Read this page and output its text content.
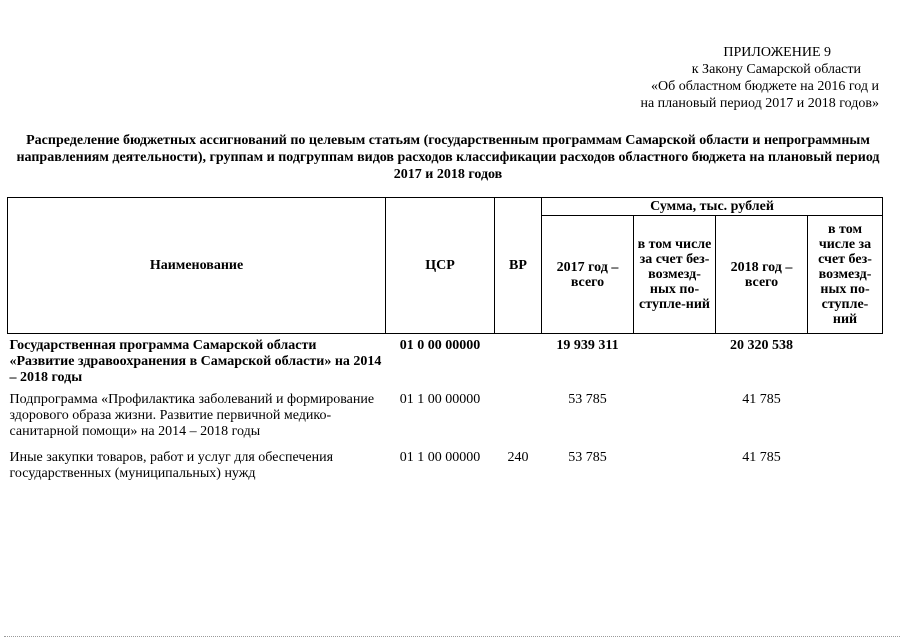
ПРИЛОЖЕНИЕ 9
к Закону Самарской области
«Об областном бюджете на 2016 год и
на плановый период 2017 и 2018 годов»
Распределение бюджетных ассигнований по целевым статьям (государственным программам Самарской области и непрограммным направлениям деятельности), группам и подгруппам видов расходов классификации расходов областного бюджета на плановый период 2017 и 2018 годов
Наименование	ЦСР	ВР	Сумма, тыс. рублей			
			2017 год – всего	в том числе за счет без-возмезд-ных по-ступле-ний	2018 год – всего	в том числе за счет без-возмезд-ных по-ступле-ний
Государственная программа Самарской области «Развитие здравоохранения в Самарской области» на 2014 – 2018 годы	01 0 00 00000		19 939 311		20 320 538	
Подпрограмма «Профилактика заболеваний и формирование здорового образа жизни. Развитие первичной медико-санитарной помощи» на 2014 – 2018 годы	01 1 00 00000		53 785		41 785	
Иные закупки товаров, работ и услуг для обеспечения государственных (муниципальных) нужд	01 1 00 00000	240	53 785		41 785	
